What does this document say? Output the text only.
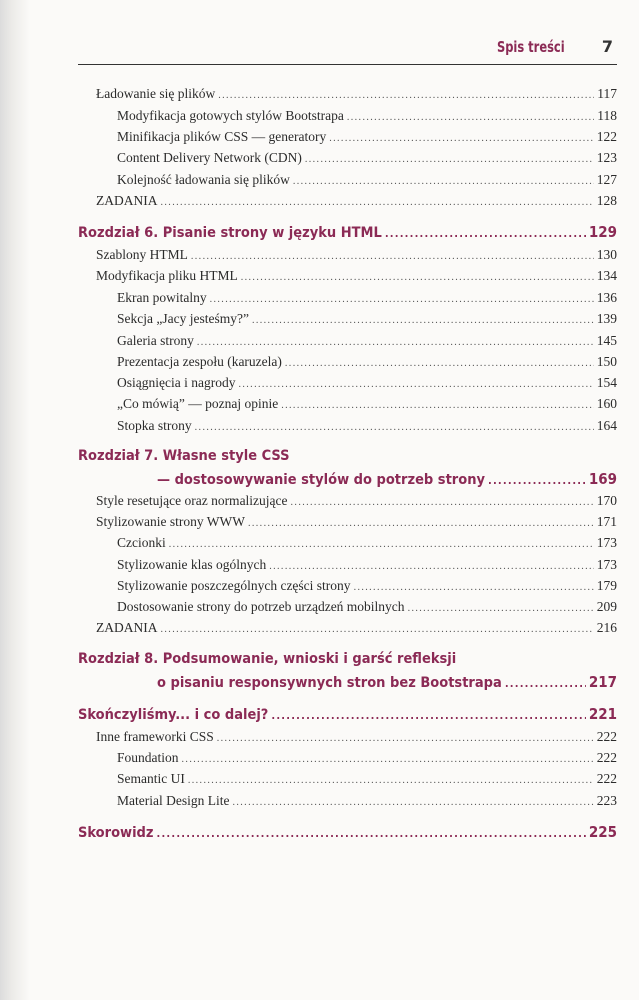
Spis treści 7
Ładowanie się plików .....	117
Modyfikacja gotowych stylów Bootstrapa .....	118
Minifikacja plików CSS — generatory .....	122
Content Delivery Network (CDN) .....	123
Kolejność ładowania się plików .....	127
ZADANIA .....	128
Rozdział 6. Pisanie strony w języku HTML .....	129
Szablony HTML .....	130
Modyfikacja pliku HTML .....	134
Ekran powitalny .....	136
Sekcja „Jacy jesteśmy?” .....	139
Galeria strony .....	145
Prezentacja zespołu (karuzela) .....	150
Osiągnięcia i nagrody .....	154
„Co mówią” — poznaj opinie .....	160
Stopka strony .....	164
Rozdział 7. Własne style CSS
— dostosowywanie stylów do potrzeb strony .....	169
Style resetujące oraz normalizujące .....	170
Stylizowanie strony WWW .....	171
Czcionki .....	173
Stylizowanie klas ogólnych .....	173
Stylizowanie poszczególnych części strony .....	179
Dostosowanie strony do potrzeb urządzeń mobilnych .....	209
ZADANIA .....	216
Rozdział 8. Podsumowanie, wnioski i garść refleksji
o pisaniu responsywnych stron bez Bootstrapa .....	217
Skończyliśmy... i co dalej? .....	221
Inne frameworki CSS .....	222
Foundation .....	222
Semantic UI .....	222
Material Design Lite .....	223
Skorowidz .....	225
